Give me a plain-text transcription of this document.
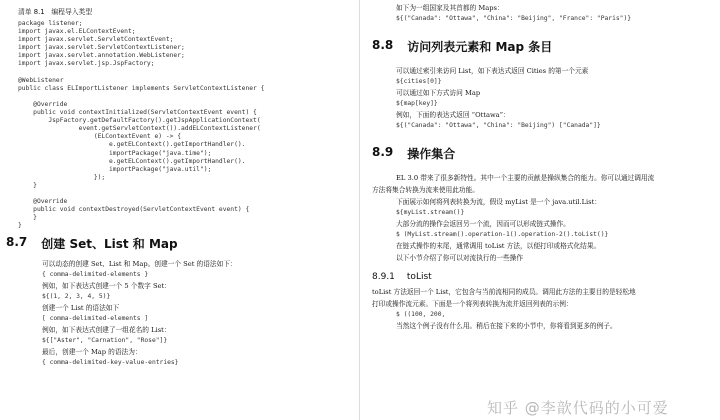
清单 8.1　编程导入类型

package listener;
import javax.el.ELContextEvent;
import javax.servlet.ServletContextEvent;
import javax.servlet.ServletContextListener;
import javax.servlet.annotation.WebListener;
import javax.servlet.jsp.JspFactory;

@WebListener
public class ELImportListener implements ServletContextListener {

@Override
public void contextInitialized(ServletContextEvent event) {
JspFactory.getDefaultFactory().getJspApplicationContext(
event.getServletContext()).addELContextListener(
(ELContextEvent e) -> {
e.getELContext().getImportHandler().
importPackage("java.time");
e.getELContext().getImportHandler().
importPackage("java.util");
});
}

@Override
public void contextDestroyed(ServletContextEvent event) {
}
}
8.7 创建 Set、List 和 Map

可以动态的创建 Set、List 和 Map。创建一个 Set 的语法如下：

{ comma-delimited-elements }

例如，如下表达式创建一个 5 个数字 Set：

${(1, 2, 3, 4, 5)}

创建一个 List 的语法如下

[ comma-delimited-elements ]

例如，如下表达式创建了一组花名的 List：

${["Aster", "Carnation", "Rose"]}

最后，创建一个 Map 的语法为：

{ comma-delimited-key-value-entries}

如下为一组国家及其首都的 Maps：

${("Canada": "Ottawa", "China": "Beijing", "France": "Paris")}
8.8 访问列表元素和 Map 条目

可以通过索引来访问 List，如下表达式返回 Cities 的第一个元素

${cities[0]}

可以通过如下方式访问 Map

${map[key]}

例如，下面的表达式返回 “Ottawa”：

${("Canada": "Ottawa", "China": "Beijing") ["Canada"]}
8.9 操作集合

EL 3.0 带来了很多新特性。其中一个主要的贡献是操纵集合的能力。你可以通过调用流

方法将集合转换为流来使用此功能。

下面展示如何将列表转换为流，假设 myList 是一个 java.util.List：

${myList.stream()}

大部分流的操作会返回另一个流，因而可以形成链式操作。

$ (MyList.stream().operation-1().operation-2().toList()}

在链式操作的末尾，通常调用 toList 方法，以便打印或格式化结果。

以下小节介绍了你可以对流执行的一些操作

8.9.1 toList

toList 方法返回一个 List，它包含与当前流相同的成员。调用此方法的主要目的是轻松地

打印或操作流元素。下面是一个将列表转换为流并返回列表的示例：

$ ((100, 200,

当然这个例子没有什么用。稍后在接下来的小节中，你将看到更多的例子。

知乎 @李歆代码的小可爱
